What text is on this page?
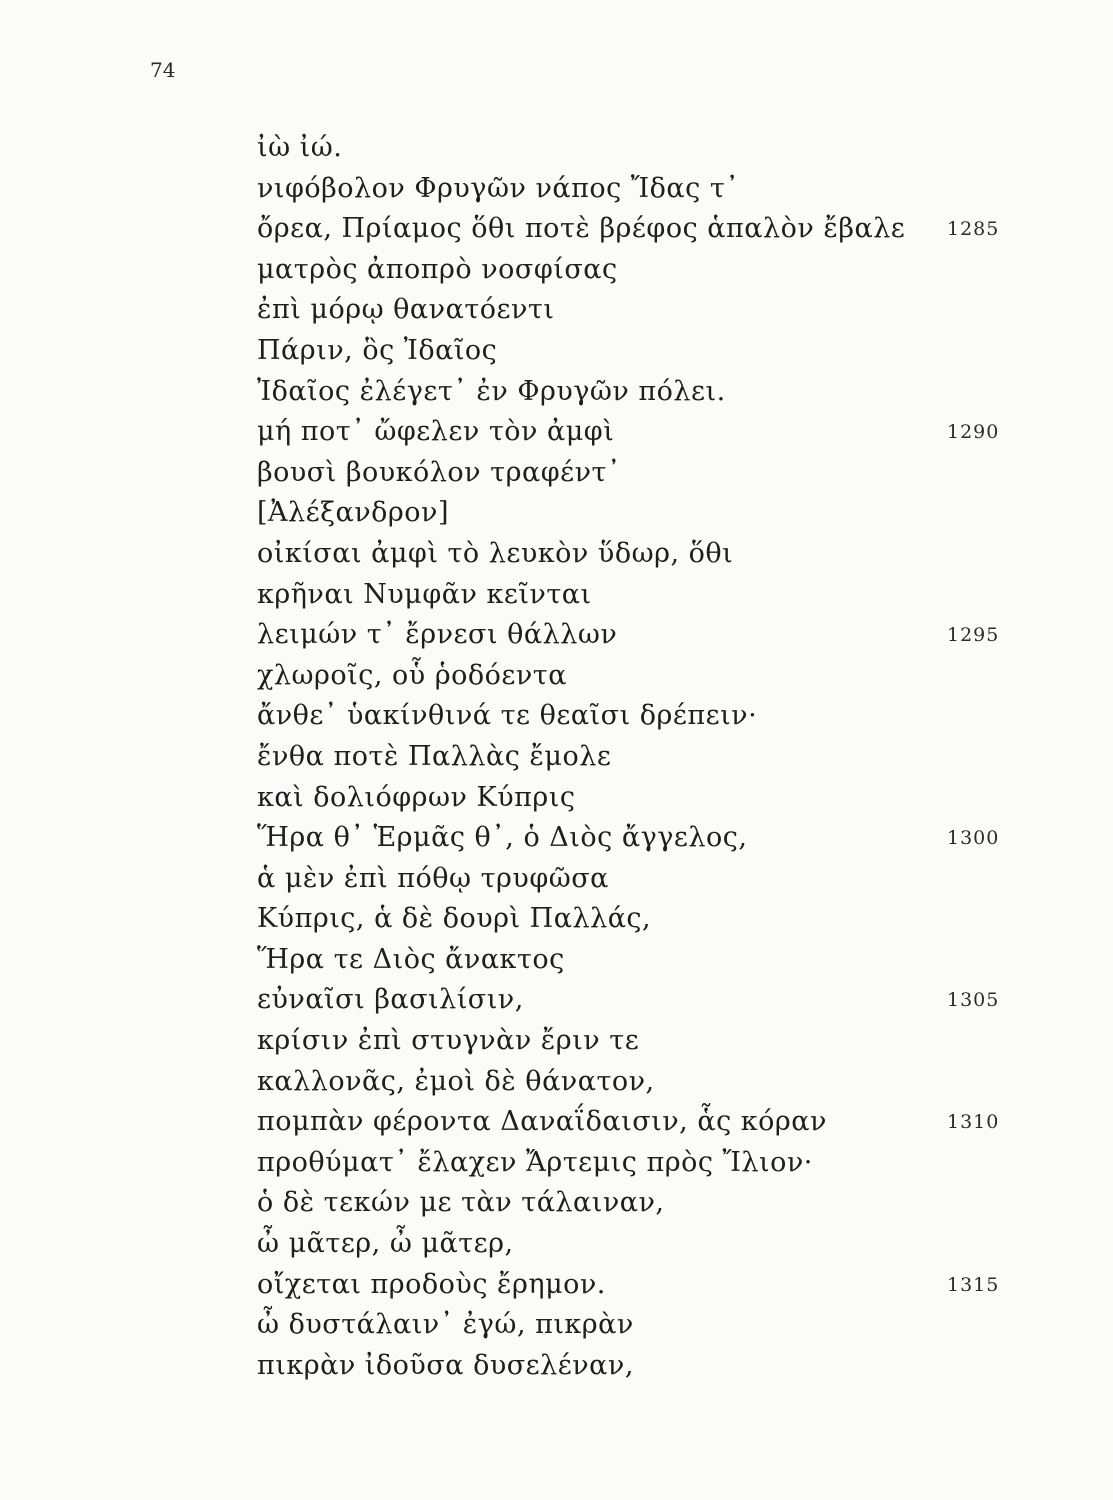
74
ἰὼ ἰώ.
νιφόβολον Φρυγῶν νάπος Ἴδας τ᾽
ὄρεα, Πρίαμος ὅθι ποτὲ βρέφος ἁπαλὸν ἔβαλε 1285
ματρὸς ἀποπρὸ νοσφίσας
ἐπὶ μόρῳ θανατόεντι
Πάριν, ὃς Ἰδαῖος
Ἰδαῖος ἐλέγετ᾽ ἐν Φρυγῶν πόλει.
μή ποτ᾽ ὤφελεν τὸν ἀμφὶ	1290
βουσὶ βουκόλον τραφέντ᾽
[Ἀλέξανδρον]
οἰκίσαι ἀμφὶ τὸ λευκὸν ὕδωρ, ὅθι
κρῆναι Νυμφᾶν κεῖνται
λειμών τ᾽ ἔρνεσι θάλλων	1295
χλωροῖς, οὗ ῥοδόεντα
ἄνθε᾽ ὑακίνθινά τε θεαῖσι δρέπειν·
ἔνθα ποτὲ Παλλὰς ἔμολε
καὶ δολιόφρων Κύπρις
Ἥρα θ᾽ Ἑρμᾶς θ᾽, ὁ Διὸς ἄγγελος,	1300
ἁ μὲν ἐπὶ πόθῳ τρυφῶσα
Κύπρις, ἁ δὲ δουρὶ Παλλάς,
Ἥρα τε Διὸς ἄνακτος
εὐναῖσι βασιλίσιν,	1305
κρίσιν ἐπὶ στυγνὰν ἔριν τε
καλλονᾶς, ἐμοὶ δὲ θάνατον,
πομπὰν φέροντα Δαναΐδαισιν, ἇς κόραν	1310
προθύματ᾽ ἔλαχεν Ἄρτεμις πρὸς Ἴλιον·
ὁ δὲ τεκών με τὰν τάλαιναν,
ὦ μᾶτερ, ὦ μᾶτερ,
οἴχεται προδοὺς ἔρημον.	1315
ὦ δυστάλαιν᾽ ἐγώ, πικρὰν
πικρὰν ἰδοῦσα δυσελέναν,
